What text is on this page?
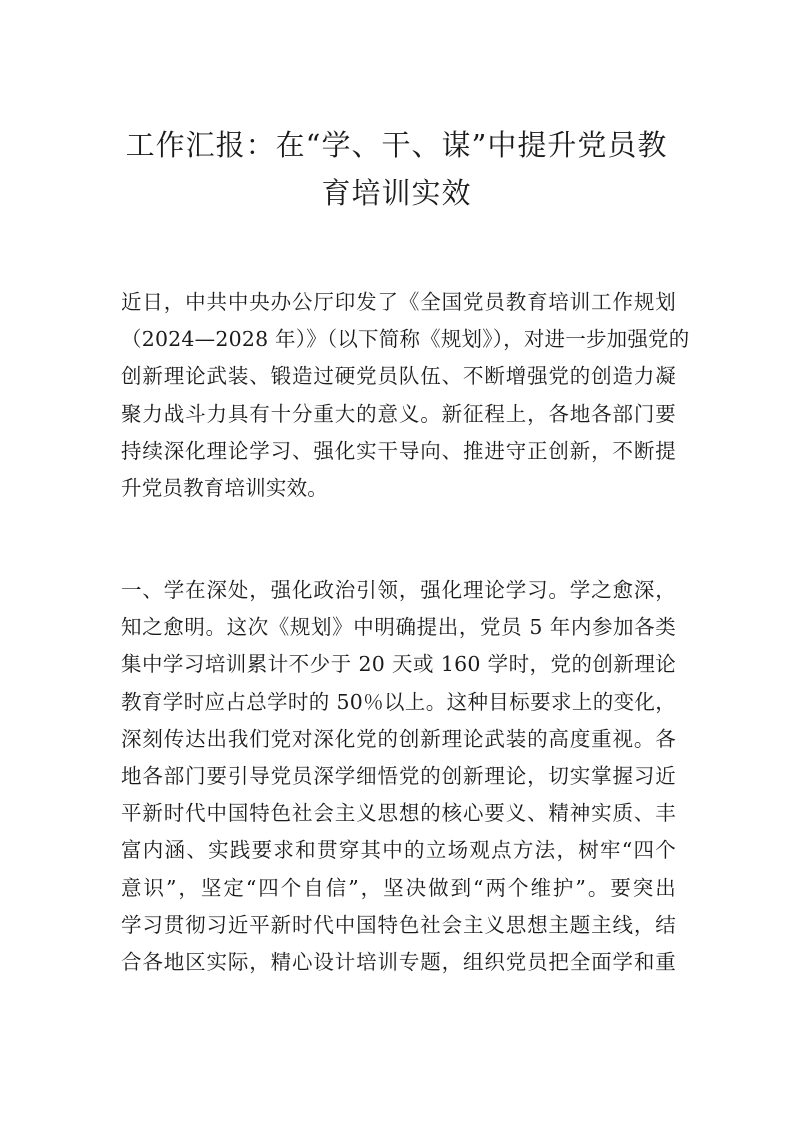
工作汇报：在“学、干、谋”中提升党员教
育培训实效
近日，中共中央办公厅印发了《全国党员教育培训工作规划
（2024—2028 年）》（以下简称《规划》），对进一步加强党的
创新理论武装、锻造过硬党员队伍、不断增强党的创造力凝
聚力战斗力具有十分重大的意义。新征程上，各地各部门要
持续深化理论学习、强化实干导向、推进守正创新，不断提
升党员教育培训实效。
一、学在深处，强化政治引领，强化理论学习。学之愈深，
知之愈明。这次《规划》中明确提出，党员 5 年内参加各类
集中学习培训累计不少于 20 天或 160 学时，党的创新理论
教育学时应占总学时的 50％以上。这种目标要求上的变化，
深刻传达出我们党对深化党的创新理论武装的高度重视。各
地各部门要引导党员深学细悟党的创新理论，切实掌握习近
平新时代中国特色社会主义思想的核心要义、精神实质、丰
富内涵、实践要求和贯穿其中的立场观点方法，树牢“四个
意识”，坚定“四个自信”，坚决做到“两个维护”。要突出
学习贯彻习近平新时代中国特色社会主义思想主题主线，结
合各地区实际，精心设计培训专题，组织党员把全面学和重
